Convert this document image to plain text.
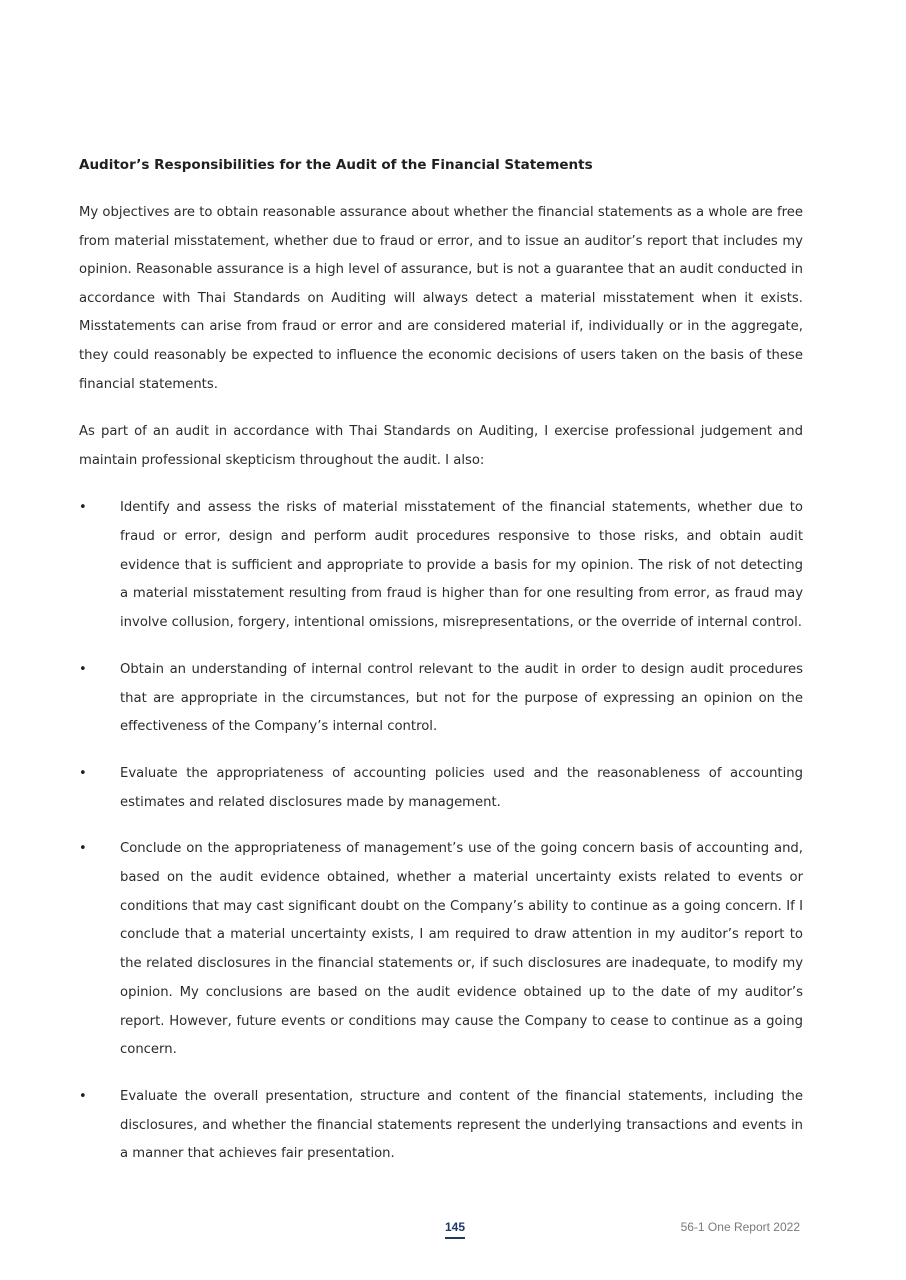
Auditor’s Responsibilities for the Audit of the Financial Statements

My objectives are to obtain reasonable assurance about whether the financial statements as a whole are free from material misstatement, whether due to fraud or error, and to issue an auditor’s report that includes my opinion. Reasonable assurance is a high level of assurance, but is not a guarantee that an audit conducted in accordance with Thai Standards on Auditing will always detect a material misstatement when it exists. Misstatements can arise from fraud or error and are considered material if, individually or in the aggregate, they could reasonably be expected to influence the economic decisions of users taken on the basis of these financial statements.

As part of an audit in accordance with Thai Standards on Auditing, I exercise professional judgement and maintain professional skepticism throughout the audit. I also:

•	Identify and assess the risks of material misstatement of the financial statements, whether due to fraud or error, design and perform audit procedures responsive to those risks, and obtain audit evidence that is sufficient and appropriate to provide a basis for my opinion. The risk of not detecting a material misstatement resulting from fraud is higher than for one resulting from error, as fraud may involve collusion, forgery, intentional omissions, misrepresentations, or the override of internal control.
•	Obtain an understanding of internal control relevant to the audit in order to design audit procedures that are appropriate in the circumstances, but not for the purpose of expressing an opinion on the effectiveness of the Company’s internal control.
•	Evaluate the appropriateness of accounting policies used and the reasonableness of accounting estimates and related disclosures made by management.
•	Conclude on the appropriateness of management’s use of the going concern basis of accounting and, based on the audit evidence obtained, whether a material uncertainty exists related to events or conditions that may cast significant doubt on the Company’s ability to continue as a going concern. If I conclude that a material uncertainty exists, I am required to draw attention in my auditor’s report to the related disclosures in the financial statements or, if such disclosures are inadequate, to modify my opinion. My conclusions are based on the audit evidence obtained up to the date of my auditor’s report. However, future events or conditions may cause the Company to cease to continue as a going concern.
•	Evaluate the overall presentation, structure and content of the financial statements, including the disclosures, and whether the financial statements represent the underlying transactions and events in a manner that achieves fair presentation.
145	56-1 One Report 2022
